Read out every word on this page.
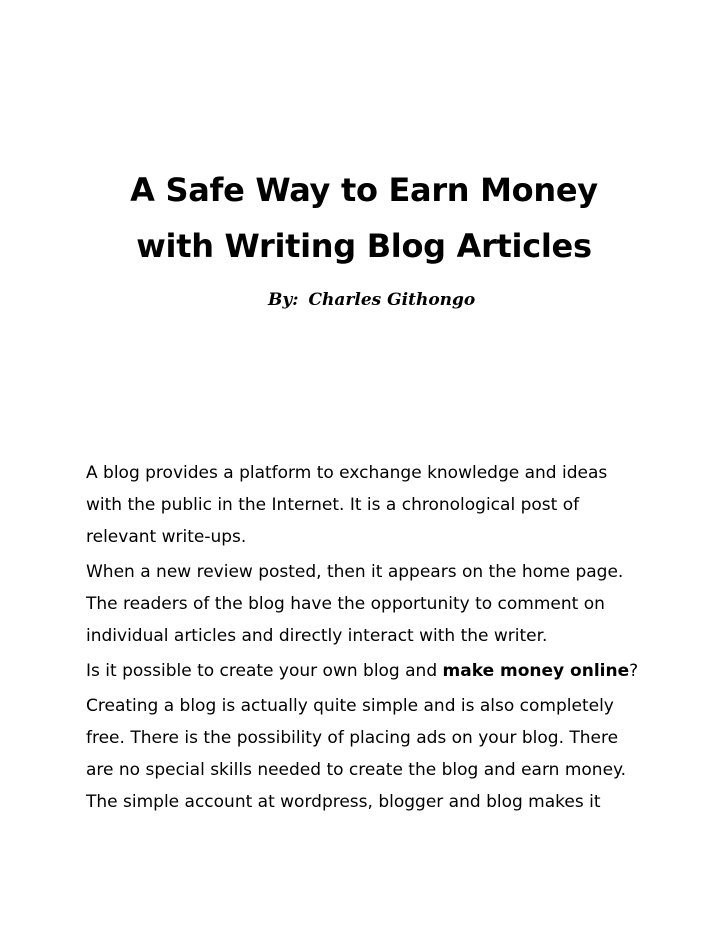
A Safe Way to Earn Money
with Writing Blog Articles
By: Charles Githongo

A blog provides a platform to exchange knowledge and ideas
with the public in the Internet. It is a chronological post of
relevant write-ups.

When a new review posted, then it appears on the home page.
The readers of the blog have the opportunity to comment on
individual articles and directly interact with the writer.

Is it possible to create your own blog and make money online?

Creating a blog is actually quite simple and is also completely
free. There is the possibility of placing ads on your blog. There
are no special skills needed to create the blog and earn money.
The simple account at wordpress, blogger and blog makes it
